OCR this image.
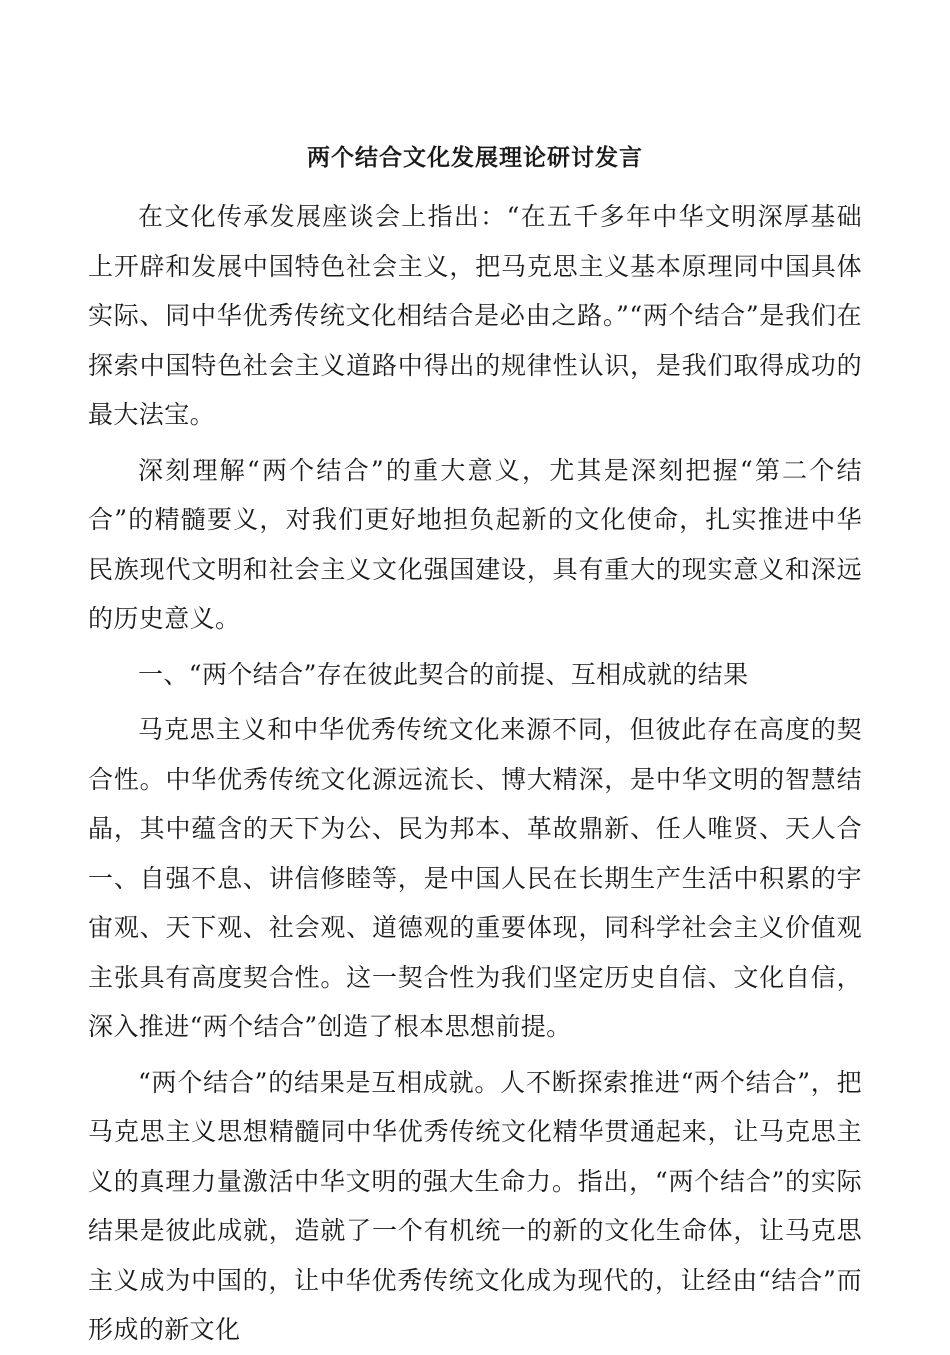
两个结合文化发展理论研讨发言

在文化传承发展座谈会上指出：“在五千多年中华文明深厚基础上开辟和发展中国特色社会主义，把马克思主义基本原理同中国具体实际、同中华优秀传统文化相结合是必由之路。”“两个结合”是我们在探索中国特色社会主义道路中得出的规律性认识，是我们取得成功的最大法宝。

深刻理解“两个结合”的重大意义，尤其是深刻把握“第二个结合”的精髓要义，对我们更好地担负起新的文化使命，扎实推进中华民族现代文明和社会主义文化强国建设，具有重大的现实意义和深远的历史意义。

一、“两个结合”存在彼此契合的前提、互相成就的结果

马克思主义和中华优秀传统文化来源不同，但彼此存在高度的契合性。中华优秀传统文化源远流长、博大精深，是中华文明的智慧结晶，其中蕴含的天下为公、民为邦本、革故鼎新、任人唯贤、天人合一、自强不息、讲信修睦等，是中国人民在长期生产生活中积累的宇宙观、天下观、社会观、道德观的重要体现，同科学社会主义价值观主张具有高度契合性。这一契合性为我们坚定历史自信、文化自信，深入推进“两个结合”创造了根本思想前提。

“两个结合”的结果是互相成就。人不断探索推进“两个结合”，把马克思主义思想精髓同中华优秀传统文化精华贯通起来，让马克思主义的真理力量激活中华文明的强大生命力。指出，“两个结合”的实际结果是彼此成就，造就了一个有机统一的新的文化生命体，让马克思主义成为中国的，让中华优秀传统文化成为现代的，让经由“结合”而形成的新文化
